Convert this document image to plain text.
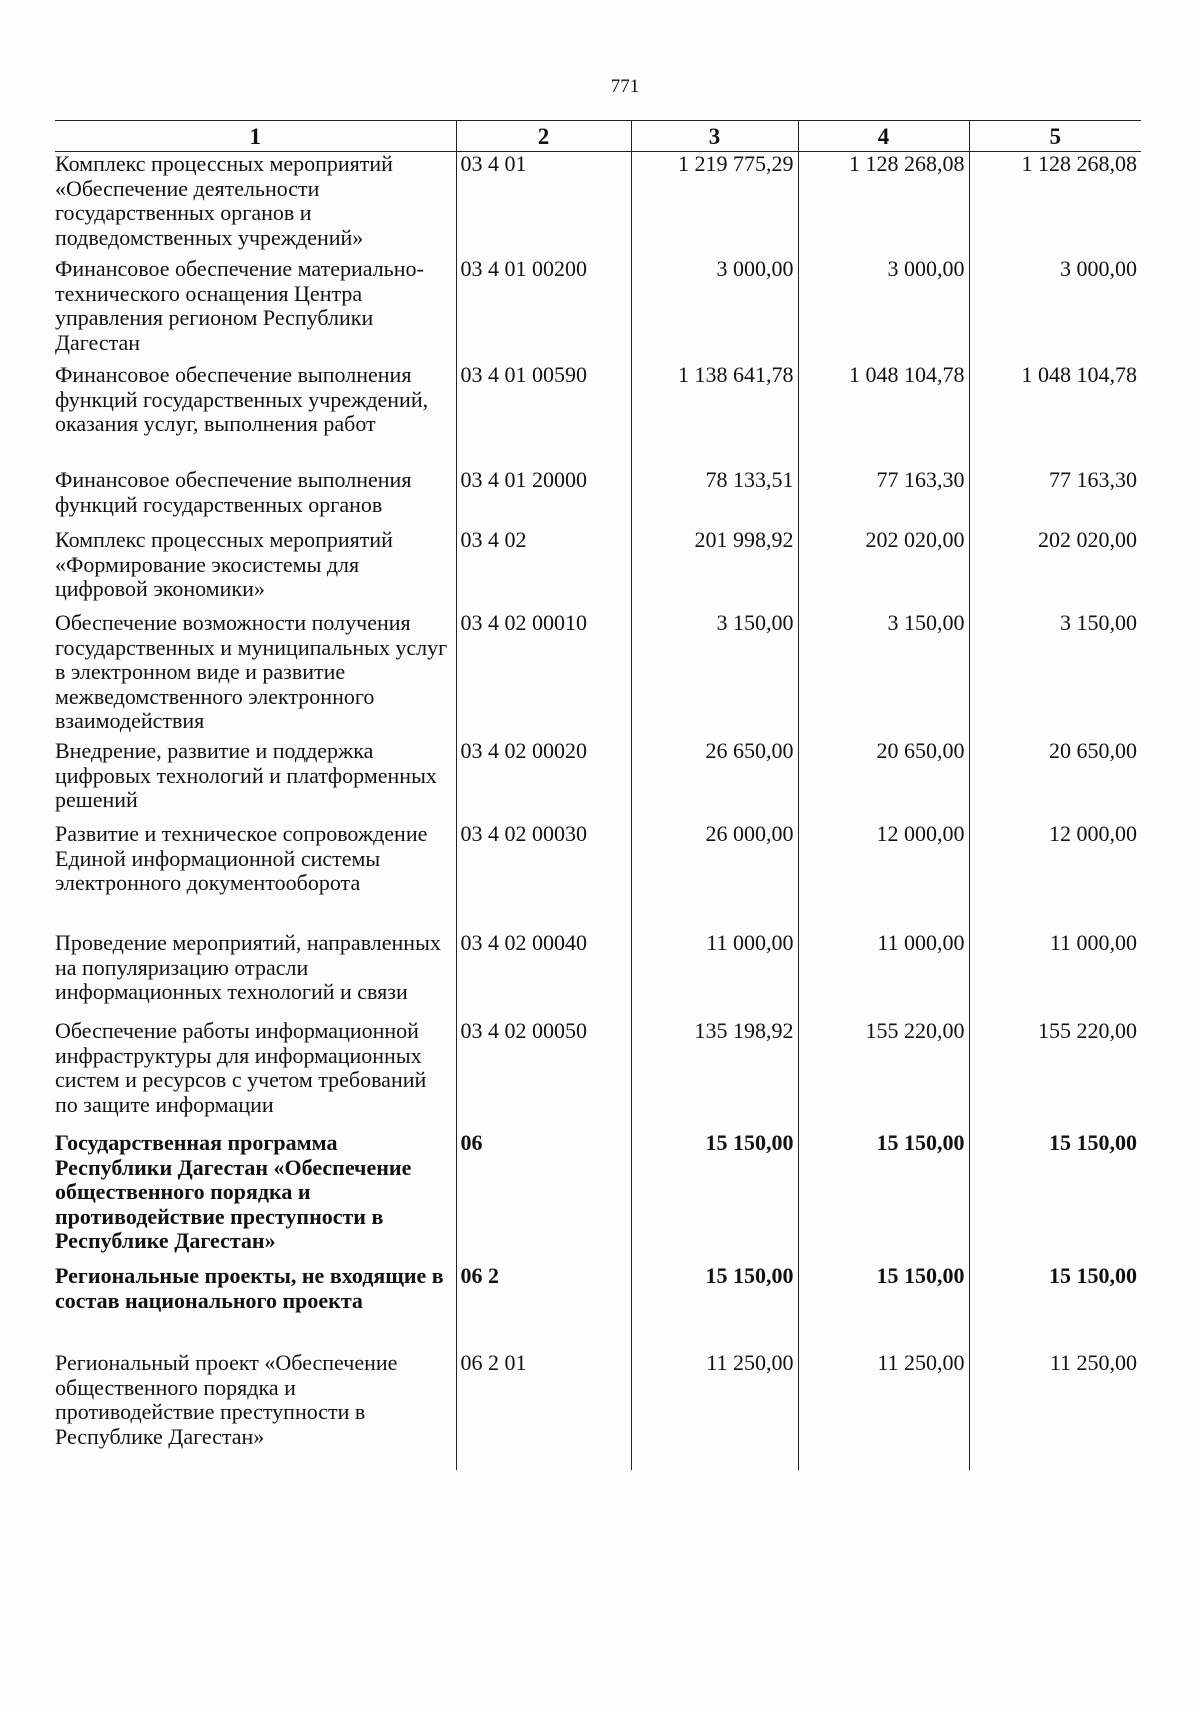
771
1	2	3	4	5
Комплекс процессных мероприятий «Обеспечение деятельности государственных органов и подведомственных учреждений»	03 4 01	1 219 775,29	1 128 268,08	1 128 268,08
Финансовое обеспечение материально-технического оснащения Центра управления регионом Республики Дагестан	03 4 01 00200	3 000,00	3 000,00	3 000,00
Финансовое обеспечение выполнения функций государственных учреждений, оказания услуг, выполнения работ	03 4 01 00590	1 138 641,78	1 048 104,78	1 048 104,78
Финансовое обеспечение выполнения функций государственных органов	03 4 01 20000	78 133,51	77 163,30	77 163,30
Комплекс процессных мероприятий «Формирование экосистемы для цифровой экономики»	03 4 02	201 998,92	202 020,00	202 020,00
Обеспечение возможности получения государственных и муниципальных услуг в электронном виде и развитие межведомственного электронного взаимодействия	03 4 02 00010	3 150,00	3 150,00	3 150,00
Внедрение, развитие и поддержка цифровых технологий и платформенных решений	03 4 02 00020	26 650,00	20 650,00	20 650,00
Развитие и техническое сопровождение Единой информационной системы электронного документооборота	03 4 02 00030	26 000,00	12 000,00	12 000,00
Проведение мероприятий, направленных на популяризацию отрасли информационных технологий и связи	03 4 02 00040	11 000,00	11 000,00	11 000,00
Обеспечение работы информационной инфраструктуры для информационных систем и ресурсов с учетом требований по защите информации	03 4 02 00050	135 198,92	155 220,00	155 220,00
Государственная программа Республики Дагестан «Обеспечение общественного порядка и противодействие преступности в Республике Дагестан»	06	15 150,00	15 150,00	15 150,00
Региональные проекты, не входящие в состав национального проекта	06 2	15 150,00	15 150,00	15 150,00
Региональный проект «Обеспечение общественного порядка и противодействие преступности в Республике Дагестан»	06 2 01	11 250,00	11 250,00	11 250,00
